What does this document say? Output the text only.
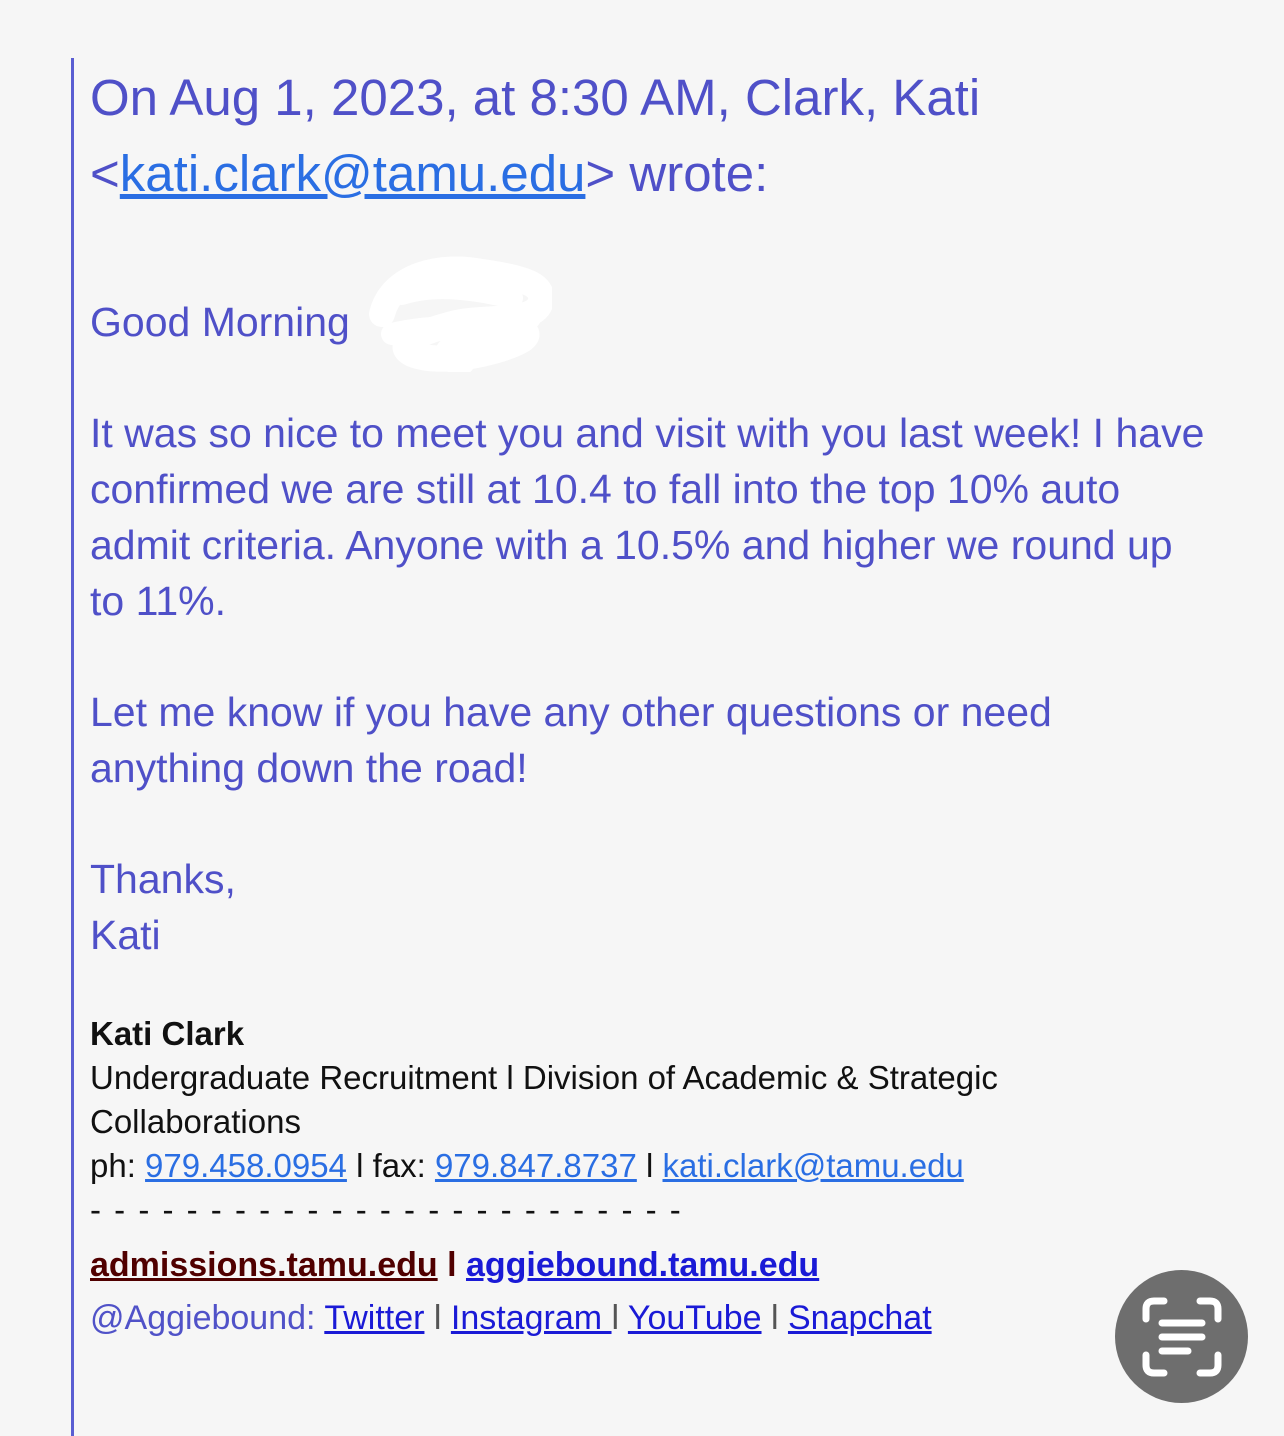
On Aug 1, 2023, at 8:30 AM, Clark, Kati
<kati.clark@tamu.edu> wrote:

Good Morning

It was so nice to meet you and visit with you last week! I have confirmed we are still at 10.4 to fall into the top 10% auto admit criteria. Anyone with a 10.5% and higher we round up to 11%.

Let me know if you have any other questions or need anything down the road!

Thanks,
Kati

Kati Clark
Undergraduate Recruitment l Division of Academic & Strategic Collaborations
ph: 979.458.0954 l fax: 979.847.8737 l kati.clark@tamu.edu
- - - - - - - - - - - - - - - - - - - - - - - - -
admissions.tamu.edu l aggiebound.tamu.edu
@Aggiebound: Twitter l Instagram l YouTube l Snapchat
